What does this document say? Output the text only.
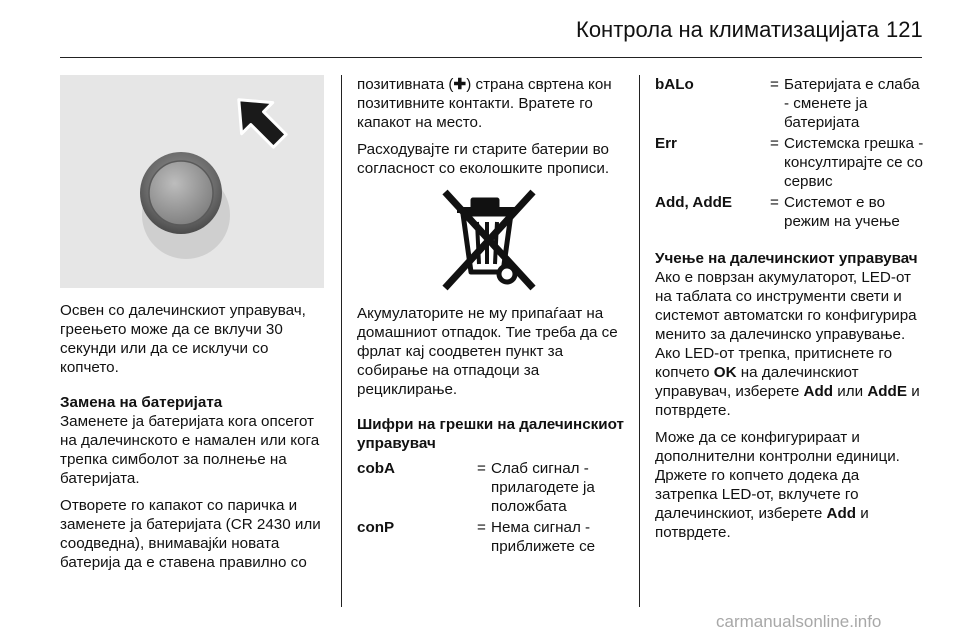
Контрола на климатизацијата 121

Освен со далечинскиот управувач, греењето може да се вклучи 30 секунди или да се исклучи со копчето.

Замена на батеријата

Заменете ја батеријата кога опсегот на далечинското е намален или кога трепка симболот за полнење на батеријата.

Отворете го капакот со паричка и заменете ја батеријата (CR 2430 или соодведна), внимавајќи новата батерија да е ставена правилно со

позитивната (✚) страна свртена кон позитивните контакти. Вратете го капакот на место.

Расходувајте ги старите батерии во согласност со еколошките прописи.

Акумулаторите не му припаѓаат на домашниот отпадок. Тие треба да се фрлат кај соодветен пункт за собирање на отпадоци за рециклирање.

Шифри на грешки на далечинскиот управувач
cobA	= Слаб сигнал - прилагодете ја положбата
conP	= Нема сигнал - приближете се
bALo	= Батеријата е слаба - сменете ја батеријата
Err	= Системска грешка - консултирајте се со сервис
Add, AddE	= Системот е во режим на учење
Учење на далечинскиот управувач

Ако е поврзан акумулаторот, LED-от на таблата со инструменти свети и системот автоматски го конфигурира менито за далечинско управување. Ако LED-от трепка, притиснете го копчето OK на далечинскиот управувач, изберете Add или AddE и потврдете.

Може да се конфигурираат и дополнителни контролни единици. Држете го копчето додека да затрепка LED-от, вклучете го далечинскиот, изберете Add и потврдете.

carmanualsonline.info
